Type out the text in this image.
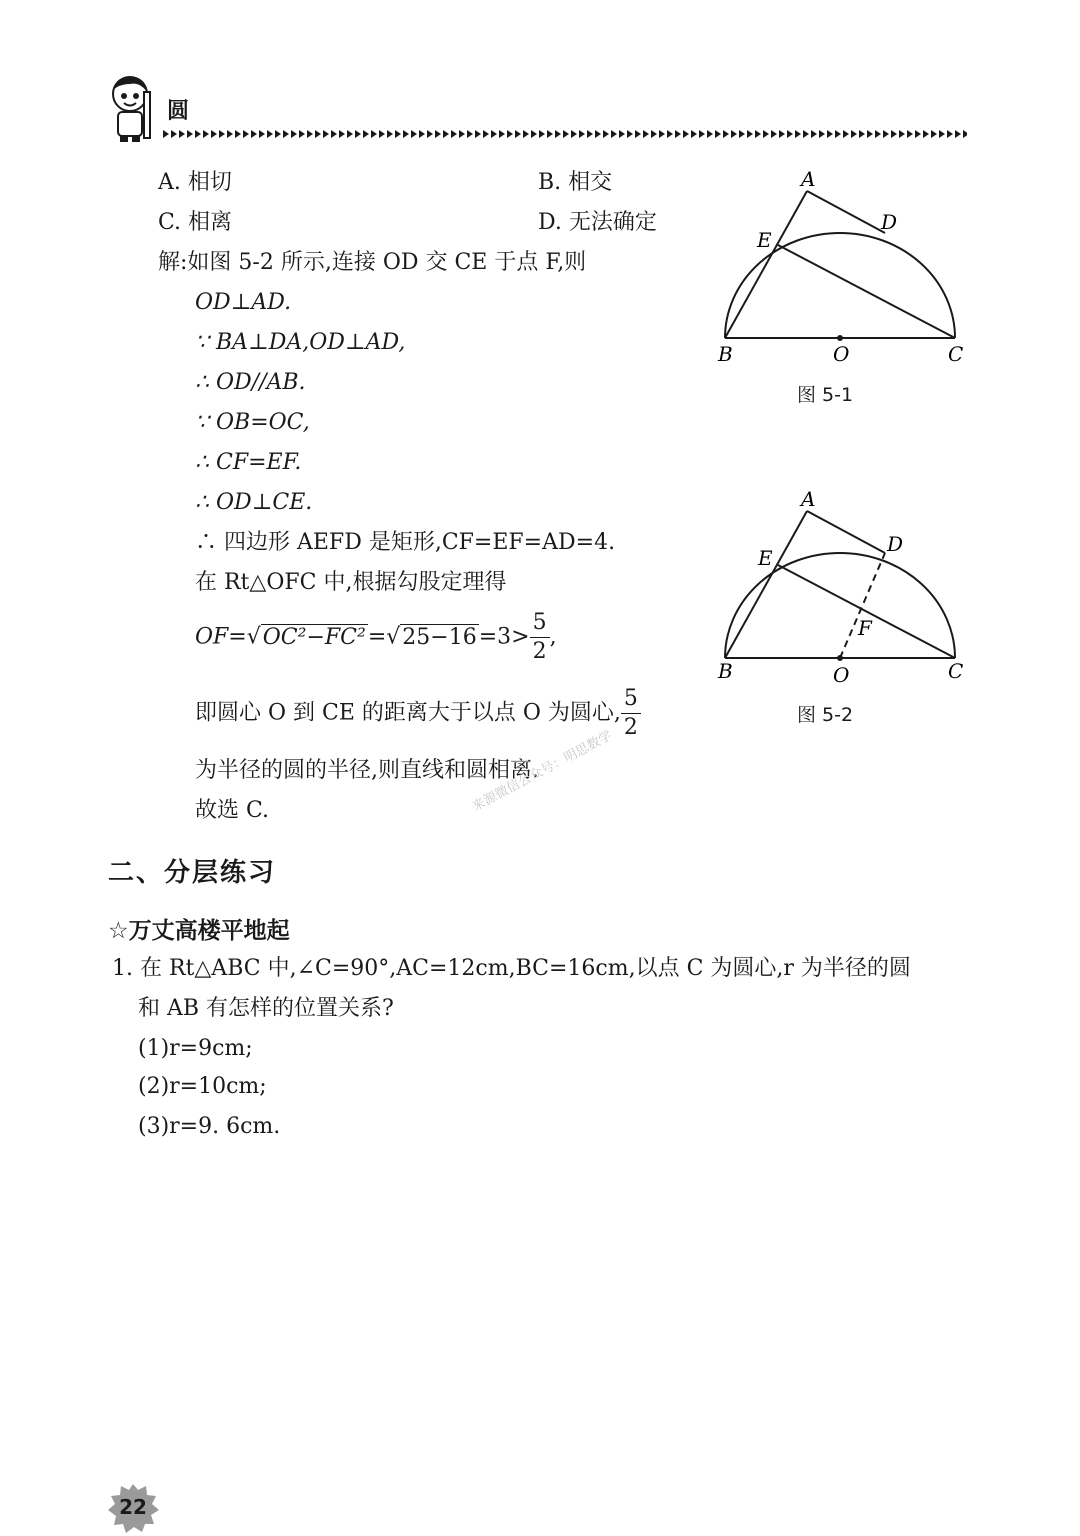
圆
A. 相切	B. 相交
C. 相离	D. 无法确定
解:如图 5-2 所示,连接 OD 交 CE 于点 F,则
OD⊥AD.
∵ BA⊥DA,OD⊥AD,
∴ OD//AB.
∵ OB=OC,
∴ CF=EF.
∴ OD⊥CE.
∴ 四边形 AEFD 是矩形,CF=EF=AD=4.
在 Rt△OFC 中,根据勾股定理得
$OF=√OC^2-FC^2=√25-16=3> \frac{5}{2}$ ,
即圆心 O 到 CE 的距离大于以点 O 为圆心, $\frac{5}{2}$
为半径的圆的半径,则直线和圆相离.
故选 C.	来源微信公众号：明思数学
A
D
E
B	O	C
图 5-1
A
D
E
F
B	O	C
图 5-2
二、分层练习
☆万丈高楼平地起
1. 在 Rt△ABC 中,∠C=90°,AC=12cm,BC=16cm,以点 C 为圆心,r 为半径的圆
和 AB 有怎样的位置关系?
(1)r=9cm;
(2)r=10cm;
(3)r=9. 6cm.
22
